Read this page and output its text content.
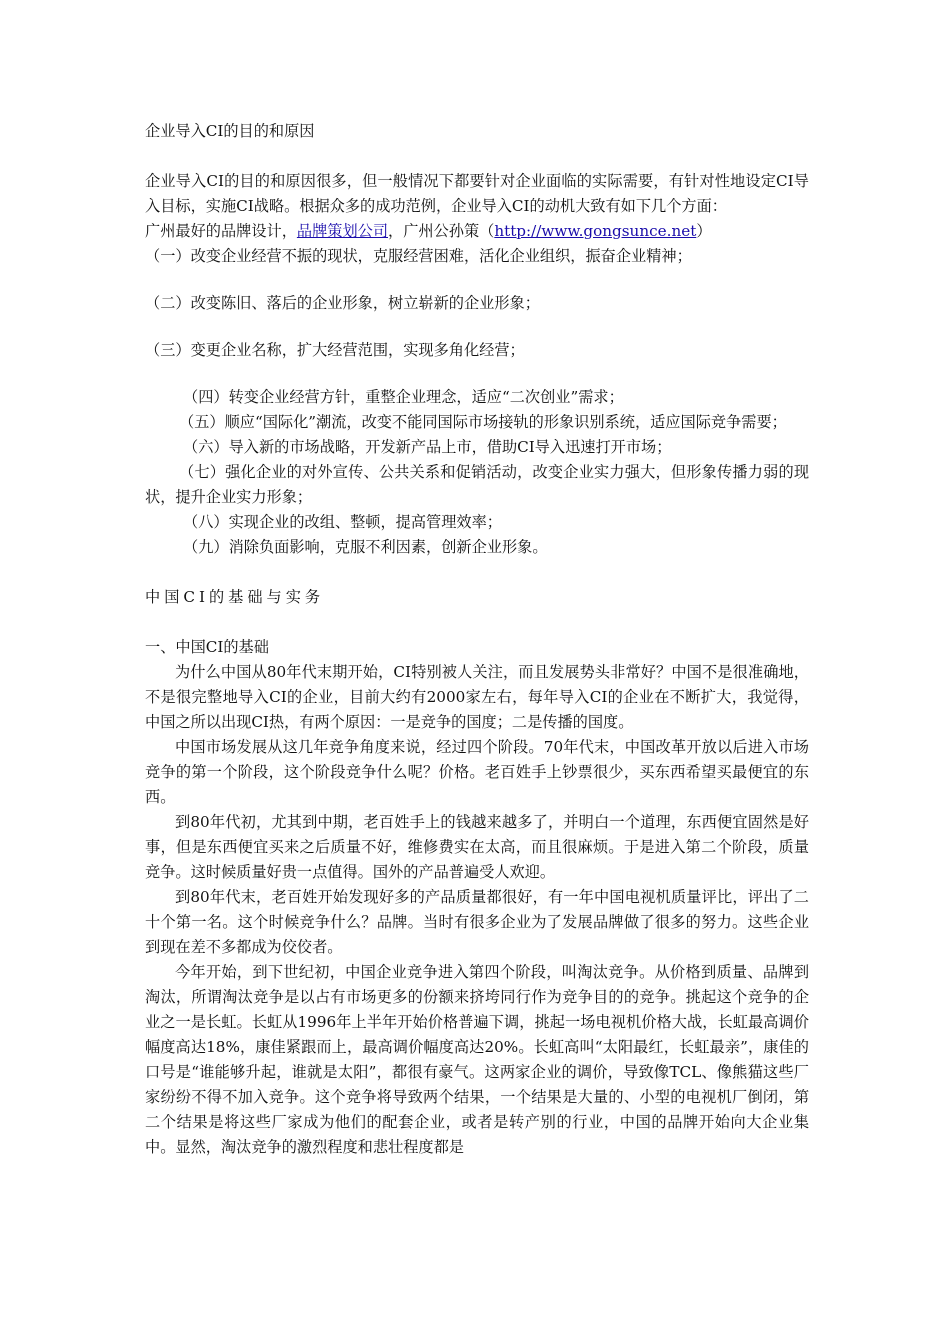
企业导入CI的目的和原因

企业导入CI的目的和原因很多，但一般情况下都要针对企业面临的实际需要，有针对性地设定CI导入目标，实施CI战略。根据众多的成功范例，企业导入CI的动机大致有如下几个方面：

广州最好的品牌设计，品牌策划公司，广州公孙策（http://www.gongsunce.net）

（一）改变企业经营不振的现状，克服经营困难，活化企业组织，振奋企业精神；

（二）改变陈旧、落后的企业形象，树立崭新的企业形象；

（三）变更企业名称，扩大经营范围，实现多角化经营；

（四）转变企业经营方针，重整企业理念，适应“二次创业”需求；

（五）顺应“国际化”潮流，改变不能同国际市场接轨的形象识别系统，适应国际竞争需要；

（六）导入新的市场战略，开发新产品上市，借助CI导入迅速打开市场；

（七）强化企业的对外宣传、公共关系和促销活动，改变企业实力强大，但形象传播力弱的现状，提升企业实力形象；

（八）实现企业的改组、整顿，提高管理效率；

（九）消除负面影响，克服不利因素，创新企业形象。

中国CI的基础与实务

一、中国CI的基础

为什么中国从80年代末期开始，CI特别被人关注，而且发展势头非常好？中国不是很准确地，不是很完整地导入CI的企业，目前大约有2000家左右，每年导入CI的企业在不断扩大，我觉得，中国之所以出现CI热，有两个原因：一是竞争的国度；二是传播的国度。

中国市场发展从这几年竞争角度来说，经过四个阶段。70年代末，中国改革开放以后进入市场竞争的第一个阶段，这个阶段竞争什么呢？价格。老百姓手上钞票很少，买东西希望买最便宜的东西。

到80年代初，尤其到中期，老百姓手上的钱越来越多了，并明白一个道理，东西便宜固然是好事，但是东西便宜买来之后质量不好，维修费实在太高，而且很麻烦。于是进入第二个阶段，质量竞争。这时候质量好贵一点值得。国外的产品普遍受人欢迎。

到80年代末，老百姓开始发现好多的产品质量都很好，有一年中国电视机质量评比，评出了二十个第一名。这个时候竞争什么？品牌。当时有很多企业为了发展品牌做了很多的努力。这些企业到现在差不多都成为佼佼者。

今年开始，到下世纪初，中国企业竞争进入第四个阶段，叫淘汰竞争。从价格到质量、品牌到淘汰，所谓淘汰竞争是以占有市场更多的份额来挤垮同行作为竞争目的的竞争。挑起这个竞争的企业之一是长虹。长虹从1996年上半年开始价格普遍下调，挑起一场电视机价格大战，长虹最高调价幅度高达18%，康佳紧跟而上，最高调价幅度高达20%。长虹高叫“太阳最红，长虹最亲”，康佳的口号是“谁能够升起，谁就是太阳”，都很有豪气。这两家企业的调价，导致像TCL、像熊猫这些厂家纷纷不得不加入竞争。这个竞争将导致两个结果，一个结果是大量的、小型的电视机厂倒闭，第二个结果是将这些厂家成为他们的配套企业，或者是转产别的行业，中国的品牌开始向大企业集中。显然，淘汰竞争的激烈程度和悲壮程度都是
